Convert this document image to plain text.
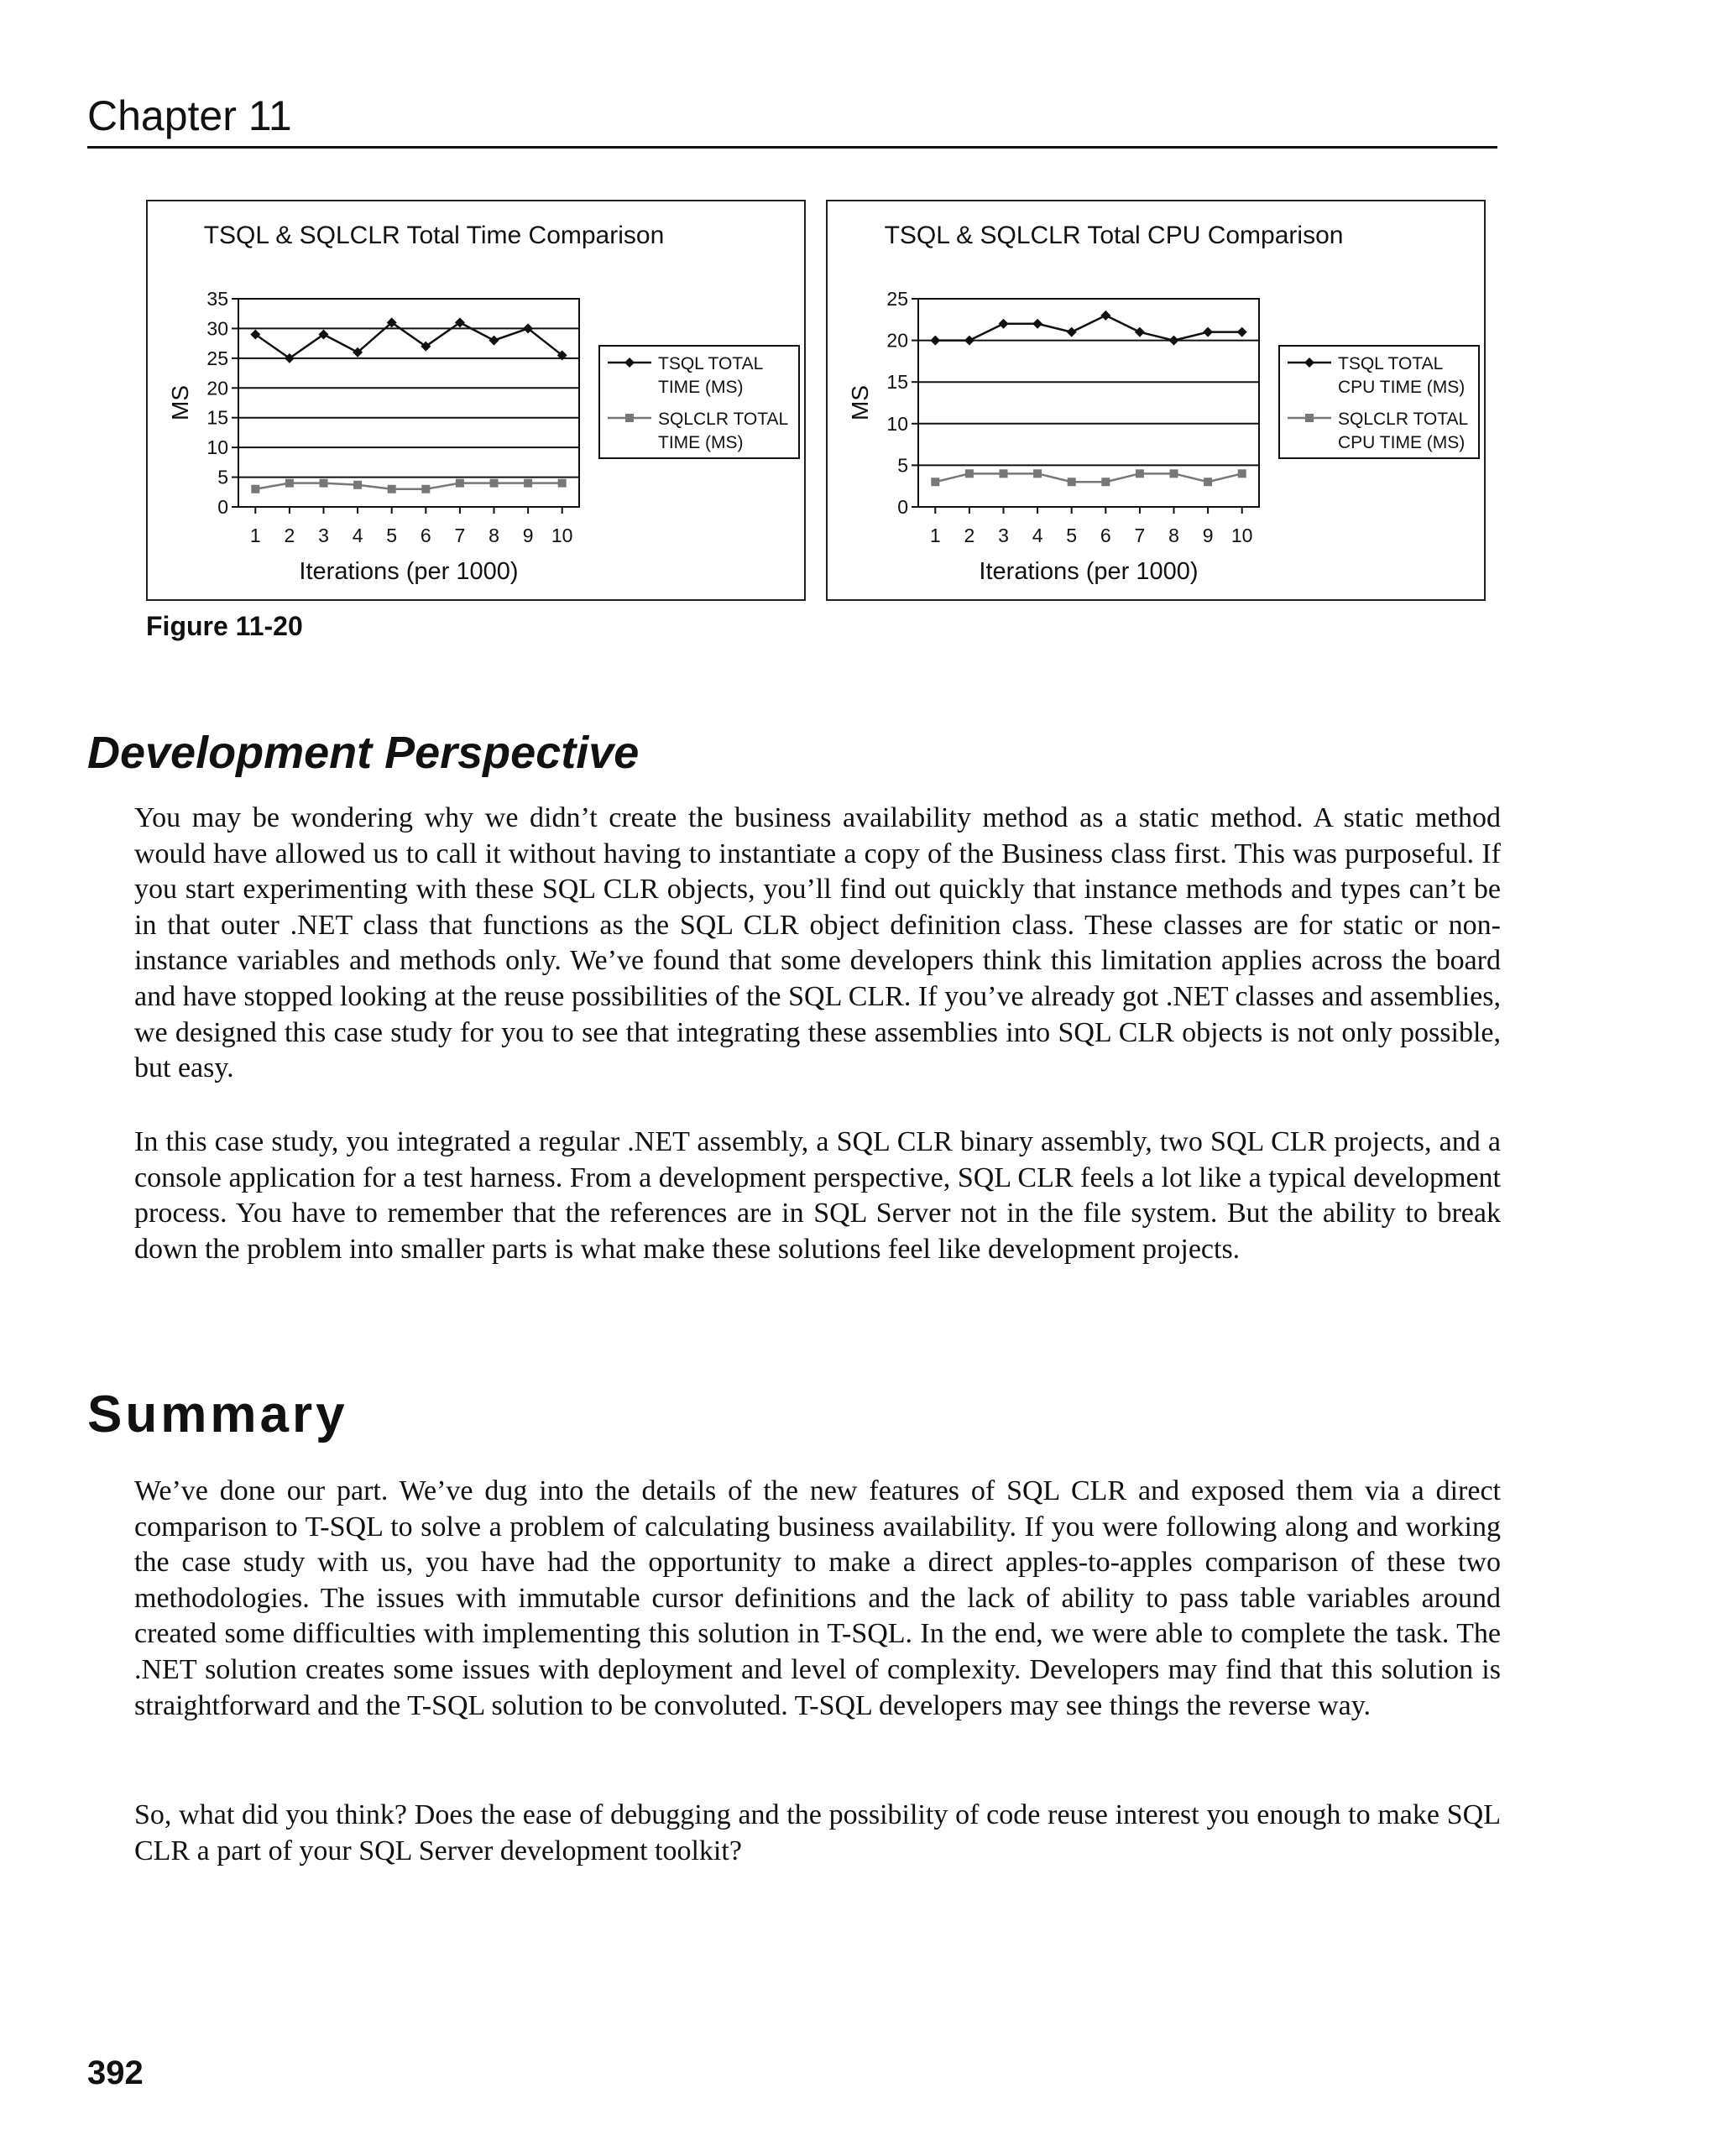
Chapter 11
TSQL & SQLCLR Total Time Comparison
0
5
10
15
20
25
30
35
1 2 3 4 5 6 7 8 9 10
Iterations (per 1000)
MS
TSQL TOTAL
TIME (MS)
SQLCLR TOTAL
TIME (MS)
TSQL & SQLCLR Total CPU Comparison
0
5
10
15
20
25
1 2 3 4 5 6 7 8 9 10
Iterations (per 1000)
MS
TSQL TOTAL
CPU TIME (MS)
SQLCLR TOTAL
CPU TIME (MS)
Figure 11-20
Development Perspective

You may be wondering why we didn’t create the business availability method as a static method. A static method would have allowed us to call it without having to instantiate a copy of the Business class first. This was purposeful. If you start experimenting with these SQL CLR objects, you’ll find out quickly that instance methods and types can’t be in that outer .NET class that functions as the SQL CLR object definition class. These classes are for static or non-instance variables and methods only. We’ve found that some developers think this limitation applies across the board and have stopped looking at the reuse possibilities of the SQL CLR. If you’ve already got .NET classes and assemblies, we designed this case study for you to see that integrating these assemblies into SQL CLR objects is not only possible, but easy.

In this case study, you integrated a regular .NET assembly, a SQL CLR binary assembly, two SQL CLR projects, and a console application for a test harness. From a development perspective, SQL CLR feels a lot like a typical development process. You have to remember that the references are in SQL Server not in the file system. But the ability to break down the problem into smaller parts is what make these solutions feel like development projects.

Summary

We’ve done our part. We’ve dug into the details of the new features of SQL CLR and exposed them via a direct comparison to T-SQL to solve a problem of calculating business availability. If you were following along and working the case study with us, you have had the opportunity to make a direct apples-to-apples comparison of these two methodologies. The issues with immutable cursor definitions and the lack of ability to pass table variables around created some difficulties with implementing this solution in T-SQL. In the end, we were able to complete the task. The .NET solution creates some issues with deployment and level of complexity. Developers may find that this solution is straightforward and the T-SQL solution to be convoluted. T-SQL developers may see things the reverse way.

So, what did you think? Does the ease of debugging and the possibility of code reuse interest you enough to make SQL CLR a part of your SQL Server development toolkit?

392
